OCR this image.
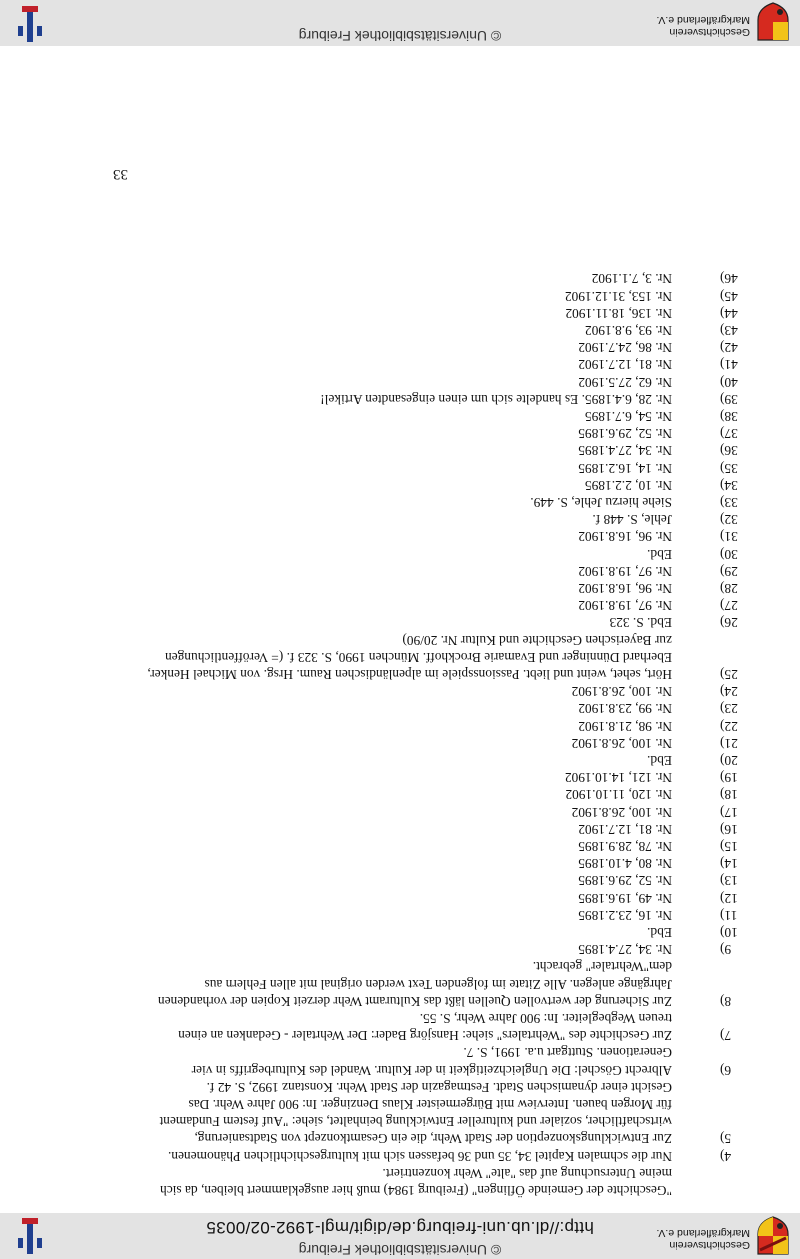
© Universitätsbibliothek Freiburg
http://dl.ub.uni-freiburg.de/digit/mgl-1992-02/0035
Geschichtsverein
Markgräflerland e.V.
© Universitätsbibliothek Freiburg	Geschichtsverein
Markgräflerland e.V.
"Geschichte der Gemeinde Öflingen" (Freiburg 1984) muß hier ausgeklammert bleiben, da sich
meine Untersuchung auf das "alte" Wehr konzentriert.
4)
Nur die schmalen Kapitel 34, 35 und 36 befassen sich mit kulturgeschichtlichen Phänomenen.
5)
Zur Entwicklungskonzeption der Stadt Wehr, die ein Gesamtkonzept von Stadtsanierung,
wirtschaftlicher, sozialer und kultureller Entwicklung beinhaltet, siehe: "Auf festem Fundament
für Morgen bauen. Interview mit Bürgermeister Klaus Denzinger. In: 900 Jahre Wehr. Das
Gesicht einer dynamischen Stadt. Festmagazin der Stadt Wehr. Konstanz 1992, S. 42 f.
6)
Albrecht Göschel: Die Ungleichzeitigkeit in der Kultur. Wandel des Kulturbegriffs in vier
Generationen. Stuttgart u.a. 1991, S. 7.
7)
Zur Geschichte des "Wehrtalers" siehe: Hansjörg Bader: Der Wehrtaler - Gedanken an einen
treuen Wegbegleiter. In: 900 Jahre Wehr, S. 55.
8)
Zur Sicherung der wertvollen Quellen läßt das Kulturamt Wehr derzeit Kopien der vorhandenen
Jahrgänge anlegen. Alle Zitate im folgenden Text werden original mit allen Fehlern aus
dem"Wehrtaler" gebracht.
9)
Nr. 34, 27.4.1895
10)
Ebd.
11)
Nr. 16, 23.2.1895
12)
Nr. 49, 19.6.1895
13)
Nr. 52, 29.6.1895
14)
Nr. 80, 4.10.1895
15)
Nr. 78, 28.9.1895
16)
Nr. 81, 12.7.1902
17)
Nr. 100, 26.8.1902
18)
Nr. 120, 11.10.1902
19)
Nr. 121, 14.10.1902
20)
Ebd.
21)
Nr. 100, 26.8.1902
22)
Nr. 98, 21.8.1902
23)
Nr. 99, 23.8.1902
24)
Nr. 100, 26.8.1902
25)
Hört, sehet, weint und liebt. Passionsspiele im alpenländischen Raum. Hrsg. von Michael Henker,
Eberhard Dünninger und Evamarie Brockhoff. München 1990, S. 323 f. (= Veröffentlichungen
zur Bayerischen Geschichte und Kultur Nr. 20/90)
26)
Ebd. S. 323
27)
Nr. 97, 19.8.1902
28)
Nr. 96, 16.8.1902
29)
Nr. 97, 19.8.1902
30)
Ebd.
31)
Nr. 96, 16.8.1902
32)
Jehle, S. 448 f.
33)
Siehe hierzu Jehle, S. 449.
34)
Nr. 10, 2.2.1895
35)
Nr. 14, 16.2.1895
36)
Nr. 34, 27.4.1895
37)
Nr. 52, 29.6.1895
38)
Nr. 54, 6.7.1895
39)
Nr. 28, 6.4.1895. Es handelte sich um einen eingesandten Artikel!
40)
Nr. 62, 27.5.1902
41)
Nr. 81, 12.7.1902
42)
Nr. 86, 24.7.1902
43)
Nr. 93, 9.8.1902
44)
Nr. 136, 18.11.1902
45)
Nr. 153, 31.12.1902
46)
Nr. 3, 7.1.1902
33
